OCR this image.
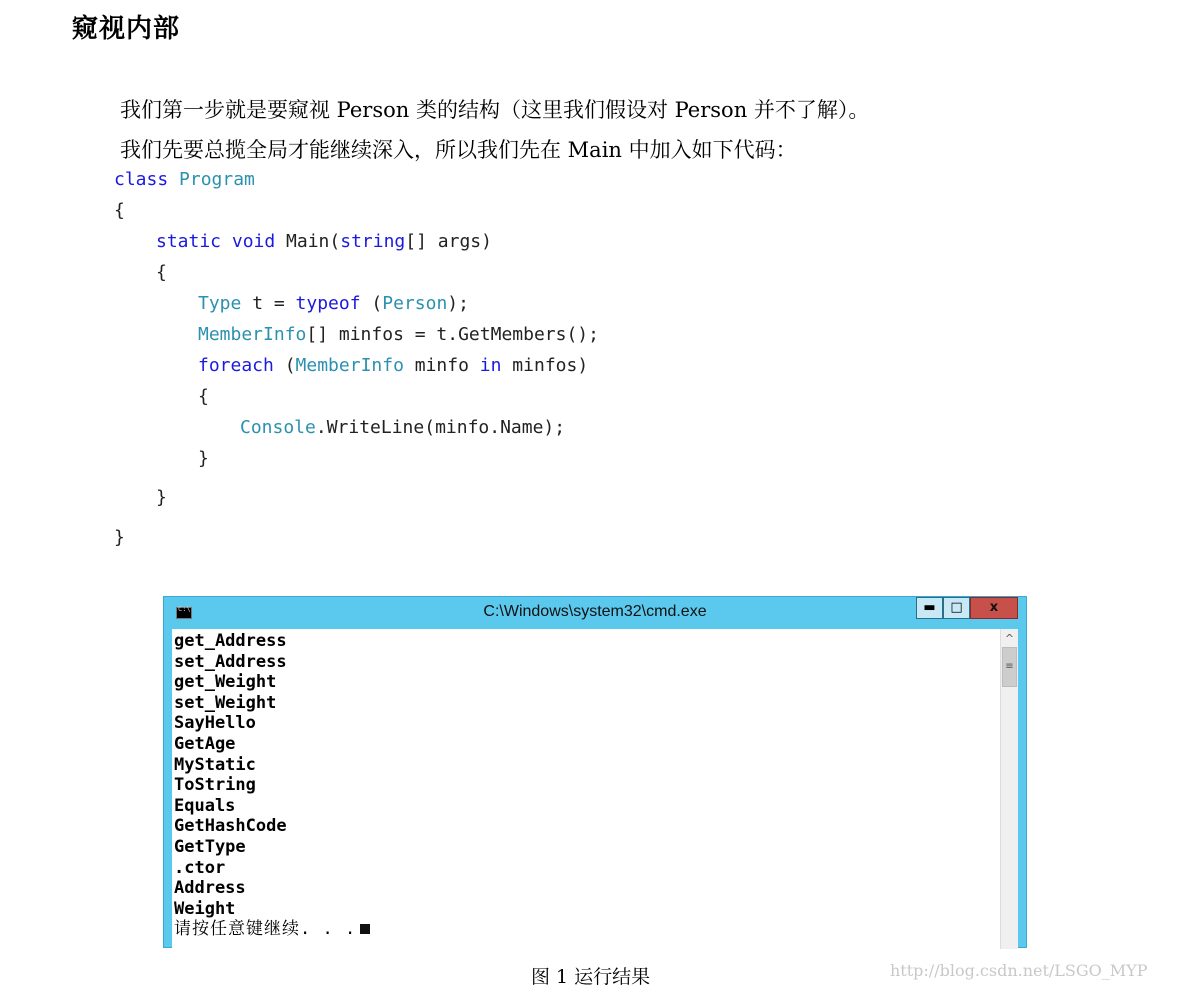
窥视内部
我们第一步就是要窥视 Person 类的结构（这里我们假设对 Person 并不了解）。
我们先要总揽全局才能继续深入，所以我们先在 Main 中加入如下代码：
class Program
{
static void Main(string[] args)
{
Type t = typeof (Person);
MemberInfo[] minfos = t.GetMembers();
foreach (MemberInfo minfo in minfos)
{
Console.WriteLine(minfo.Name);
}
}
}
C:\
C:\Windows\system32\cmd.exe	▬	□	x
get_Address
set_Address
get_Weight
set_Weight
SayHello
GetAge
MyStatic
ToString
Equals
GetHashCode
GetType
.ctor
Address
Weight
请按任意键继续. . .
^
≡
图 1 运行结果	http://blog.csdn.net/LSGO_MYP
